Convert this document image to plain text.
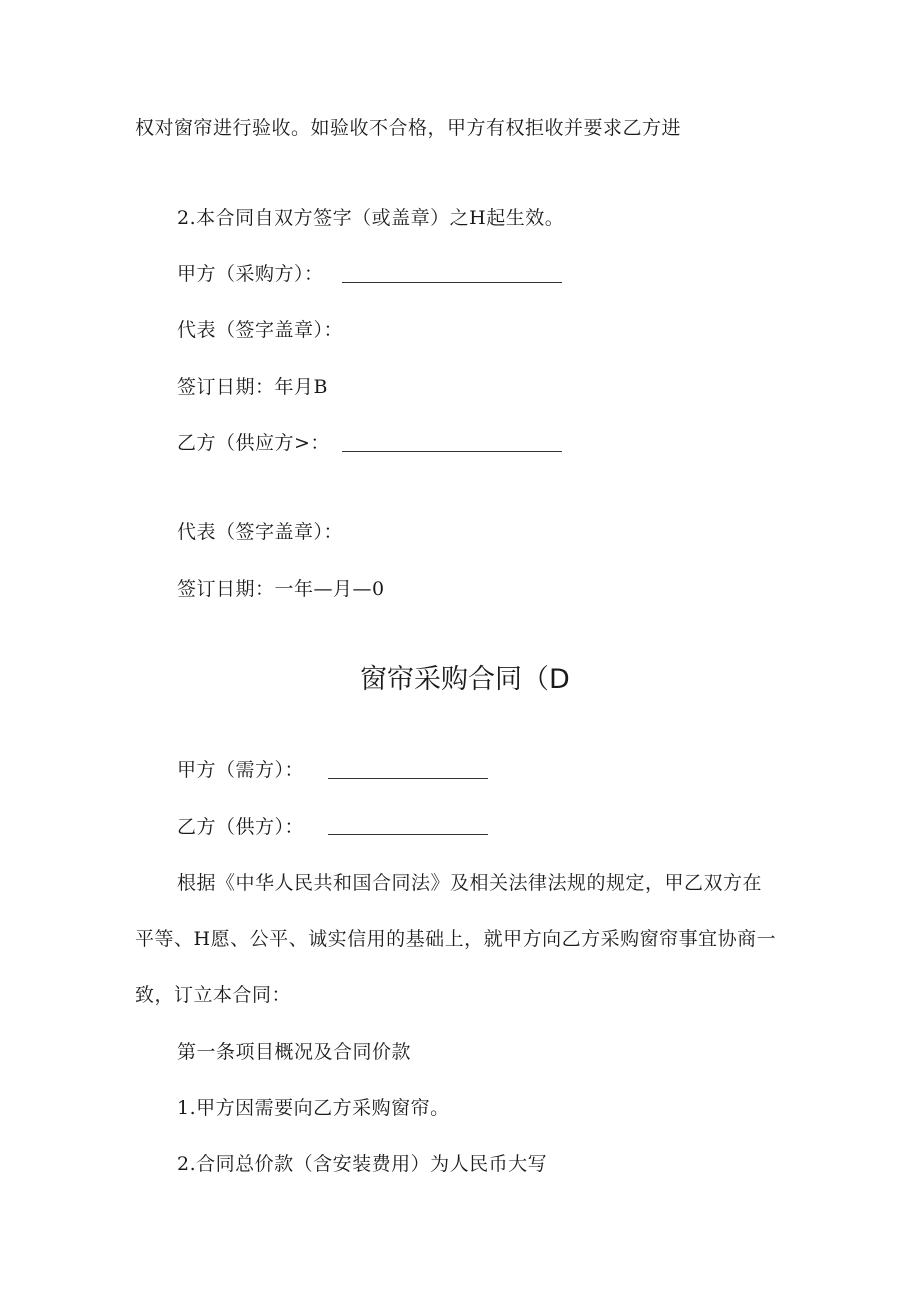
权对窗帘进行验收。如验收不合格，甲方有权拒收并要求乙方进
2.本合同自双方签字（或盖章）之H起生效。
甲方（采购方）：
代表（签字盖章）：
签订日期：年月B
乙方（供应方>：
代表（签字盖章）：
签订日期：一年—月—0
窗帘采购合同（D
甲方（需方）：
乙方（供方）：
根据《中华人民共和国合同法》及相关法律法规的规定，甲乙双方在
平等、H愿、公平、诚实信用的基础上，就甲方向乙方采购窗帘事宜协商一
致，订立本合同：
第一条项目概况及合同价款
1.甲方因需要向乙方采购窗帘。
2.合同总价款（含安装费用）为人民币大写
